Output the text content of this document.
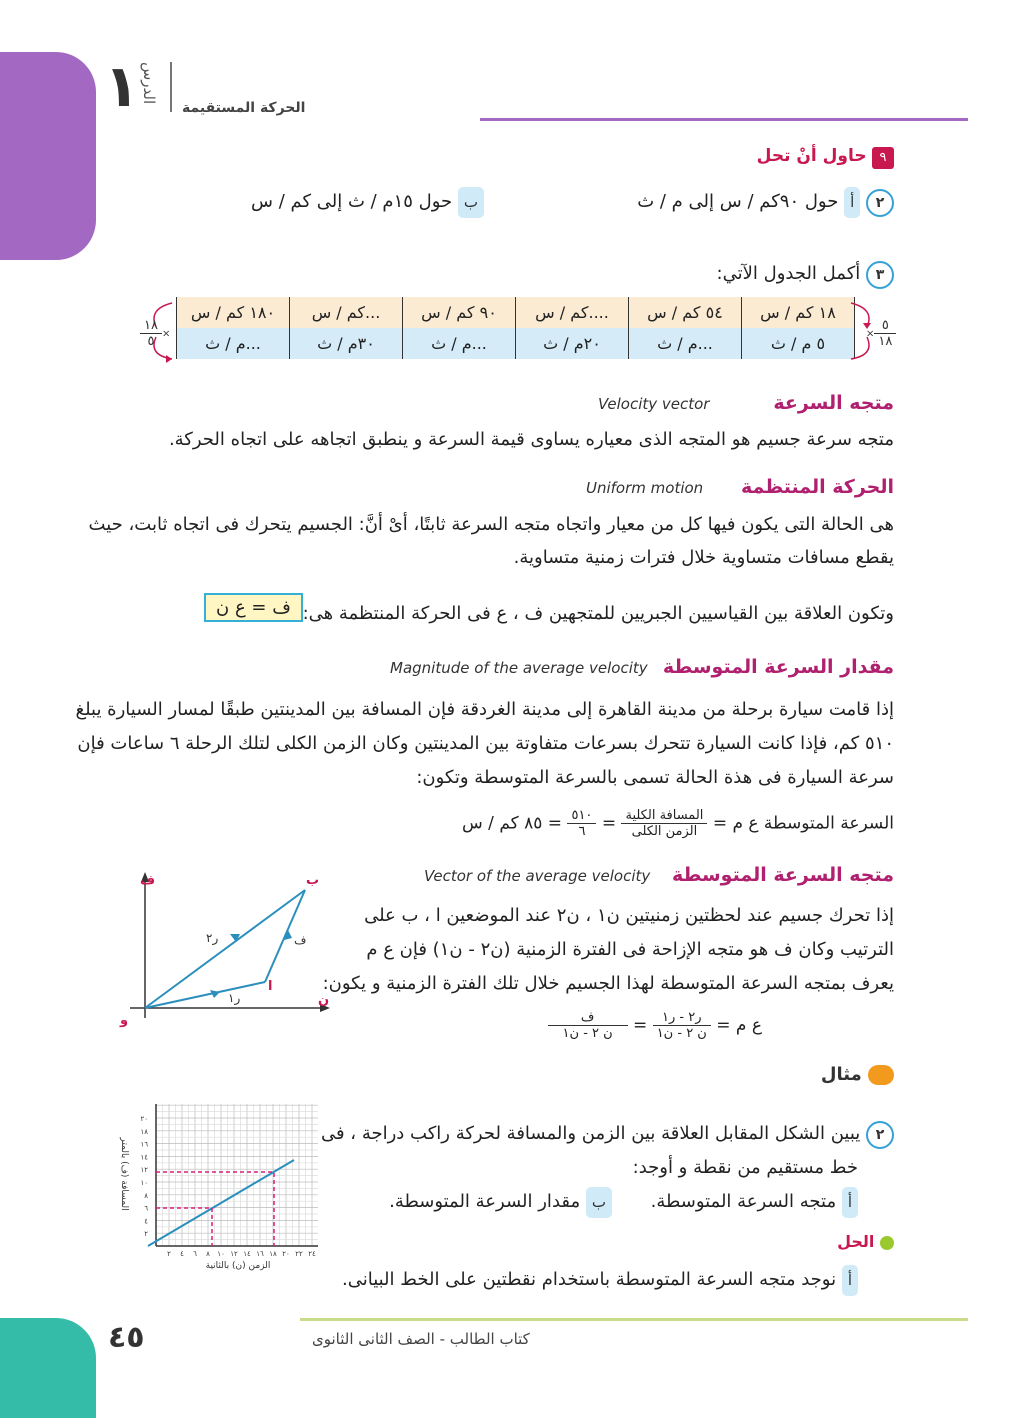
١ الدرس
الحركة المستقيمة
٩ حاول أنْ تحل
٢ أ حول ٩٠كم / س إلى م / ث
ب حول ١٥م / ث إلى كم / س
٣ أكمل الجدول الآتي:
١٨ كم / س	٥٤ كم / س	....كم / س	٩٠ كم / س	...كم / س	١٨٠ كم / س
٥ م / ث	...م / ث	٢٠م / ث	...م / ث	٣٠م / ث	...م / ث	× $\frac{٥}{١٨}$
$\frac{١٨}{٥}$ ×
متجه السرعة
Velocity vector
متجه سرعة جسيم هو المتجه الذى معياره يساوى قيمة السرعة و ينطبق اتجاهه على اتجاه الحركة.
الحركة المنتظمة
Uniform motion
هى الحالة التى يكون فيها كل من معيار واتجاه متجه السرعة ثابتًا، أىْ أنَّ: الجسيم يتحرك فى اتجاه ثابت، حيث
يقطع مسافات متساوية خلال فترات زمنية متساوية.
وتكون العلاقة بين القياسيين الجبريين للمتجهين ف ، ع فى الحركة المنتظمة هى:
ف = ع ن
مقدار السرعة المتوسطة
Magnitude of the average velocity
إذا قامت سيارة برحلة من مدينة القاهرة إلى مدينة الغردقة فإن المسافة بين المدينتين طبقًا لمسار السيارة يبلغ
٥١٠ كم، فإذا كانت السيارة تتحرك بسرعات متفاوتة بين المدينتين وكان الزمن الكلى لتلك الرحلة ٦ ساعات فإن
سرعة السيارة فى هذة الحالة تسمى بالسرعة المتوسطة وتكون:
السرعة المتوسطة ع م =
$\frac{\text{المسافة الكلية}}{\text{الزمن الكلى}}$
=
$\frac{٥١٠}{٦}$
= ٨٥ كم / س
متجه السرعة المتوسطة
Vector of the average velocity
إذا تحرك جسيم عند لحظتين زمنيتين ن١ ، ن٢ عند الموضعين ا ، ب على
الترتيب وكان ف هو متجه الإزاحة فى الفترة الزمنية (ن٢ - ن١) فإن ع م
يعرف بمتجه السرعة المتوسطة لهذا الجسيم خلال تلك الفترة الزمنية و يكون:
ع م =
$\frac{\text{ر٢ - ر١}}{\text{ن ٢ - ن١}}$
=
$\frac{\text{ف}}{\text{ن ٢ - ن١}}$
ف	ب
ن
و
ا
ر٢
ر١
ف
مثال
٢ يبين الشكل المقابل العلاقة بين الزمن والمسافة لحركة راكب دراجة ، فى
خط مستقيم من نقطة و أوجد:
أ متجه السرعة المتوسطة.
ب مقدار السرعة المتوسطة.
الحل
أ نوجد متجه السرعة المتوسطة باستخدام نقطتين على الخط البيانى.
٢ ٤ ٦ ٨ ١٠ ١٢ ١٤ ١٦ ١٨ ٢٠ ٢٢ ٢٤
٢
٤
٦
٨
١٠
١٢
١٤
١٦
١٨
٢٠
الزمن (ن) بالثانية
المسافة (ف) بالمتر
٤٥	كتاب الطالب - الصف الثانى الثانوى
